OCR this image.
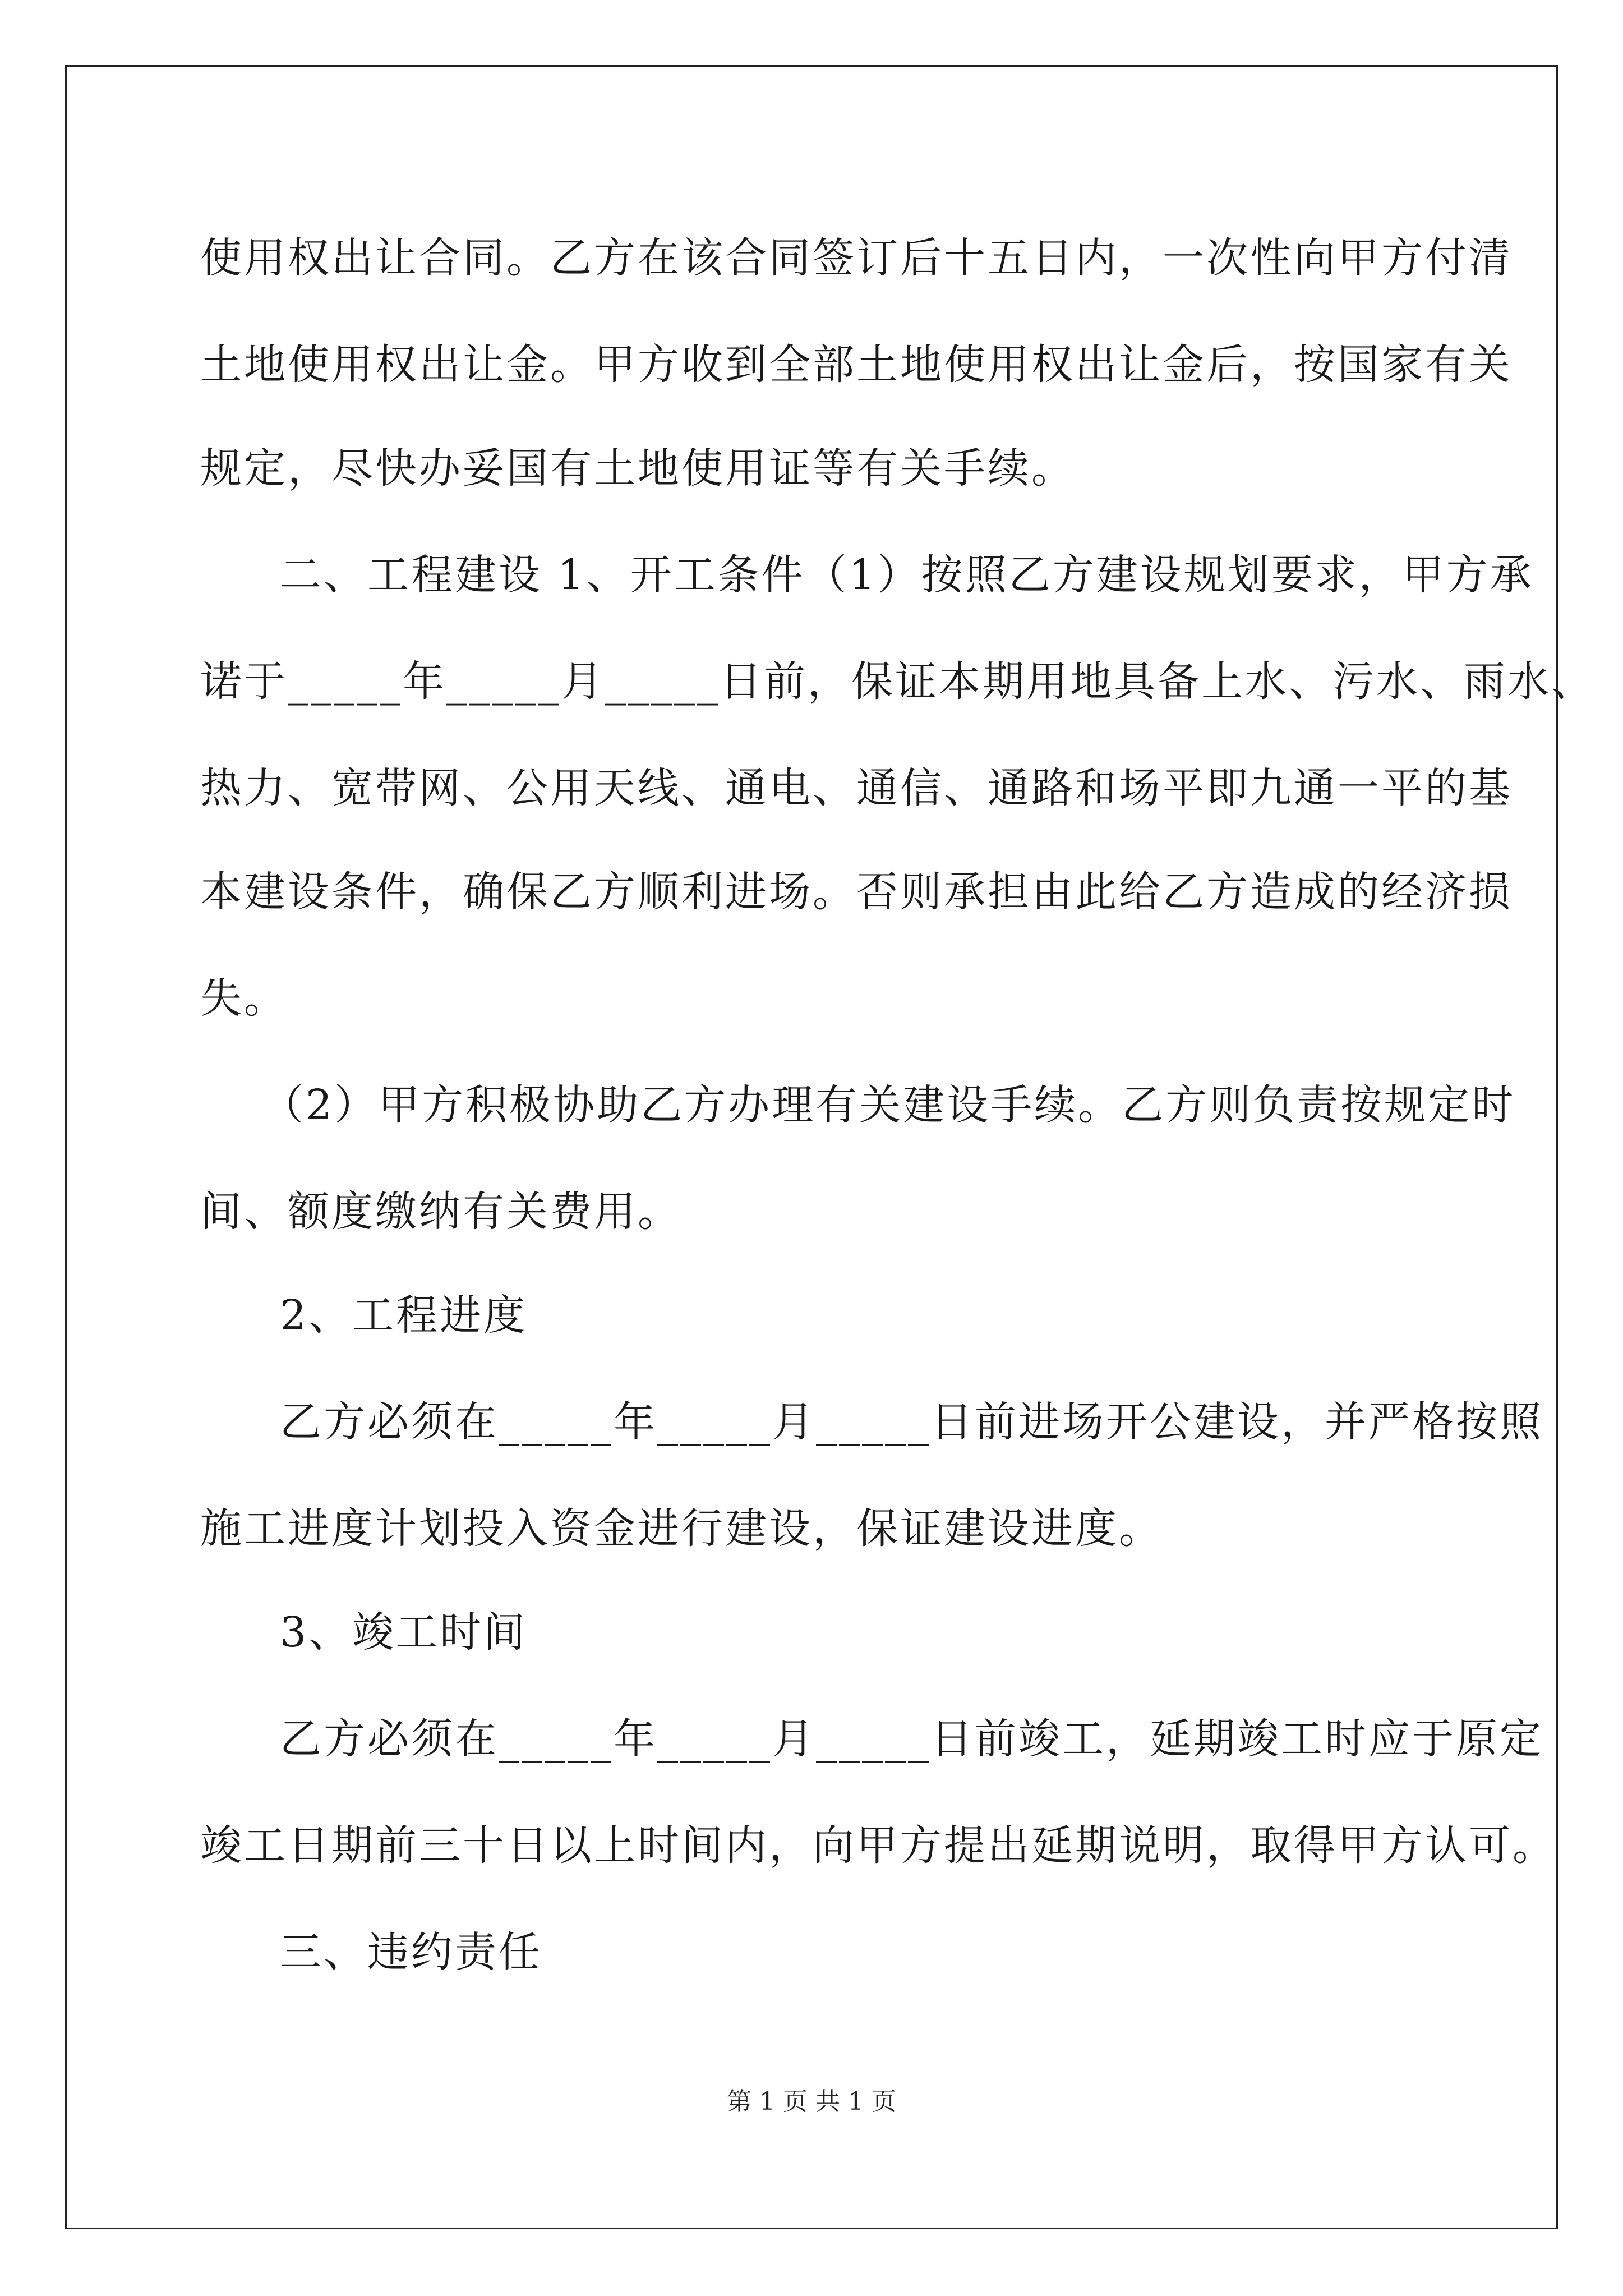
使用权出让合同。乙方在该合同签订后十五日内，一次性向甲方付清
土地使用权出让金。甲方收到全部土地使用权出让金后，按国家有关
规定，尽快办妥国有土地使用证等有关手续。
二、工程建设 1、开工条件（1）按照乙方建设规划要求，甲方承
诺于_____年_____月_____日前，保证本期用地具备上水、污水、雨水、
热力、宽带网、公用天线、通电、通信、通路和场平即九通一平的基
本建设条件，确保乙方顺利进场。否则承担由此给乙方造成的经济损
失。
（2）甲方积极协助乙方办理有关建设手续。乙方则负责按规定时
间、额度缴纳有关费用。
2、工程进度
乙方必须在_____年_____月_____日前进场开公建设，并严格按照
施工进度计划投入资金进行建设，保证建设进度。
3、竣工时间
乙方必须在_____年_____月_____日前竣工，延期竣工时应于原定
竣工日期前三十日以上时间内，向甲方提出延期说明，取得甲方认可。
三、违约责任
第 1 页 共 1 页
